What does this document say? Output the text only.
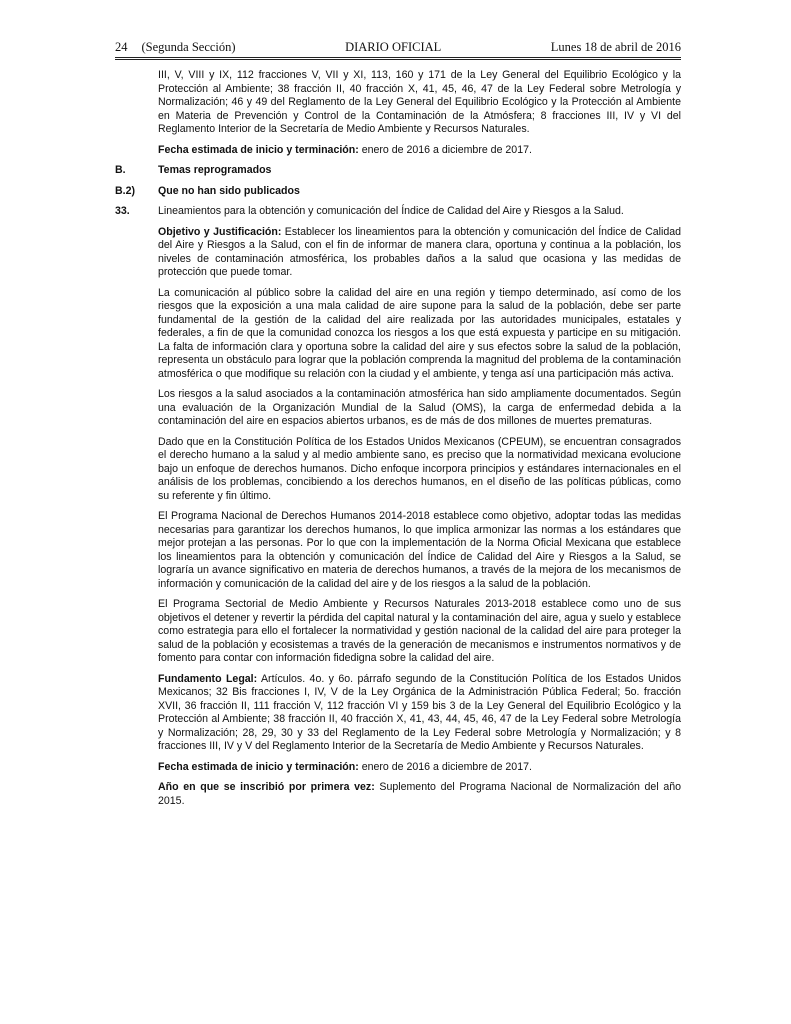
24 (Segunda Sección)	DIARIO OFICIAL	Lunes 18 de abril de 2016
III, V, VIII y IX, 112 fracciones V, VII y XI, 113, 160 y 171 de la Ley General del Equilibrio Ecológico y la Protección al Ambiente; 38 fracción II, 40 fracción X, 41, 45, 46, 47 de la Ley Federal sobre Metrología y Normalización; 46 y 49 del Reglamento de la Ley General del Equilibrio Ecológico y la Protección al Ambiente en Materia de Prevención y Control de la Contaminación de la Atmósfera; 8 fracciones III, IV y VI del Reglamento Interior de la Secretaría de Medio Ambiente y Recursos Naturales.
Fecha estimada de inicio y terminación: enero de 2016 a diciembre de 2017.
B.	Temas reprogramados
B.2)	Que no han sido publicados
33.	Lineamientos para la obtención y comunicación del Índice de Calidad del Aire y Riesgos a la Salud.
Objetivo y Justificación: Establecer los lineamientos para la obtención y comunicación del Índice de Calidad del Aire y Riesgos a la Salud, con el fin de informar de manera clara, oportuna y continua a la población, los niveles de contaminación atmosférica, los probables daños a la salud que ocasiona y las medidas de protección que puede tomar.
La comunicación al público sobre la calidad del aire en una región y tiempo determinado, así como de los riesgos que la exposición a una mala calidad de aire supone para la salud de la población, debe ser parte fundamental de la gestión de la calidad del aire realizada por las autoridades municipales, estatales y federales, a fin de que la comunidad conozca los riesgos a los que está expuesta y participe en su mitigación. La falta de información clara y oportuna sobre la calidad del aire y sus efectos sobre la salud de la población, representa un obstáculo para lograr que la población comprenda la magnitud del problema de la contaminación atmosférica o que modifique su relación con la ciudad y el ambiente, y tenga así una participación más activa.
Los riesgos a la salud asociados a la contaminación atmosférica han sido ampliamente documentados. Según una evaluación de la Organización Mundial de la Salud (OMS), la carga de enfermedad debida a la contaminación del aire en espacios abiertos urbanos, es de más de dos millones de muertes prematuras.
Dado que en la Constitución Política de los Estados Unidos Mexicanos (CPEUM), se encuentran consagrados el derecho humano a la salud y al medio ambiente sano, es preciso que la normatividad mexicana evolucione bajo un enfoque de derechos humanos. Dicho enfoque incorpora principios y estándares internacionales en el análisis de los problemas, concibiendo a los derechos humanos, en el diseño de las políticas públicas, como su referente y fin último.
El Programa Nacional de Derechos Humanos 2014-2018 establece como objetivo, adoptar todas las medidas necesarias para garantizar los derechos humanos, lo que implica armonizar las normas a los estándares que mejor protejan a las personas. Por lo que con la implementación de la Norma Oficial Mexicana que establece los lineamientos para la obtención y comunicación del Índice de Calidad del Aire y Riesgos a la Salud, se lograría un avance significativo en materia de derechos humanos, a través de la mejora de los mecanismos de información y comunicación de la calidad del aire y de los riesgos a la salud de la población.
El Programa Sectorial de Medio Ambiente y Recursos Naturales 2013-2018 establece como uno de sus objetivos el detener y revertir la pérdida del capital natural y la contaminación del aire, agua y suelo y establece como estrategia para ello el fortalecer la normatividad y gestión nacional de la calidad del aire para proteger la salud de la población y ecosistemas a través de la generación de mecanismos e instrumentos normativos y de fomento para contar con información fidedigna sobre la calidad del aire.
Fundamento Legal: Artículos. 4o. y 6o. párrafo segundo de la Constitución Política de los Estados Unidos Mexicanos; 32 Bis fracciones I, IV, V de la Ley Orgánica de la Administración Pública Federal; 5o. fracción XVII, 36 fracción II, 111 fracción V, 112 fracción VI y 159 bis 3 de la Ley General del Equilibrio Ecológico y la Protección al Ambiente; 38 fracción II, 40 fracción X, 41, 43, 44, 45, 46, 47 de la Ley Federal sobre Metrología y Normalización; 28, 29, 30 y 33 del Reglamento de la Ley Federal sobre Metrología y Normalización; y 8 fracciones III, IV y V del Reglamento Interior de la Secretaría de Medio Ambiente y Recursos Naturales.
Fecha estimada de inicio y terminación: enero de 2016 a diciembre de 2017.
Año en que se inscribió por primera vez: Suplemento del Programa Nacional de Normalización del año 2015.
